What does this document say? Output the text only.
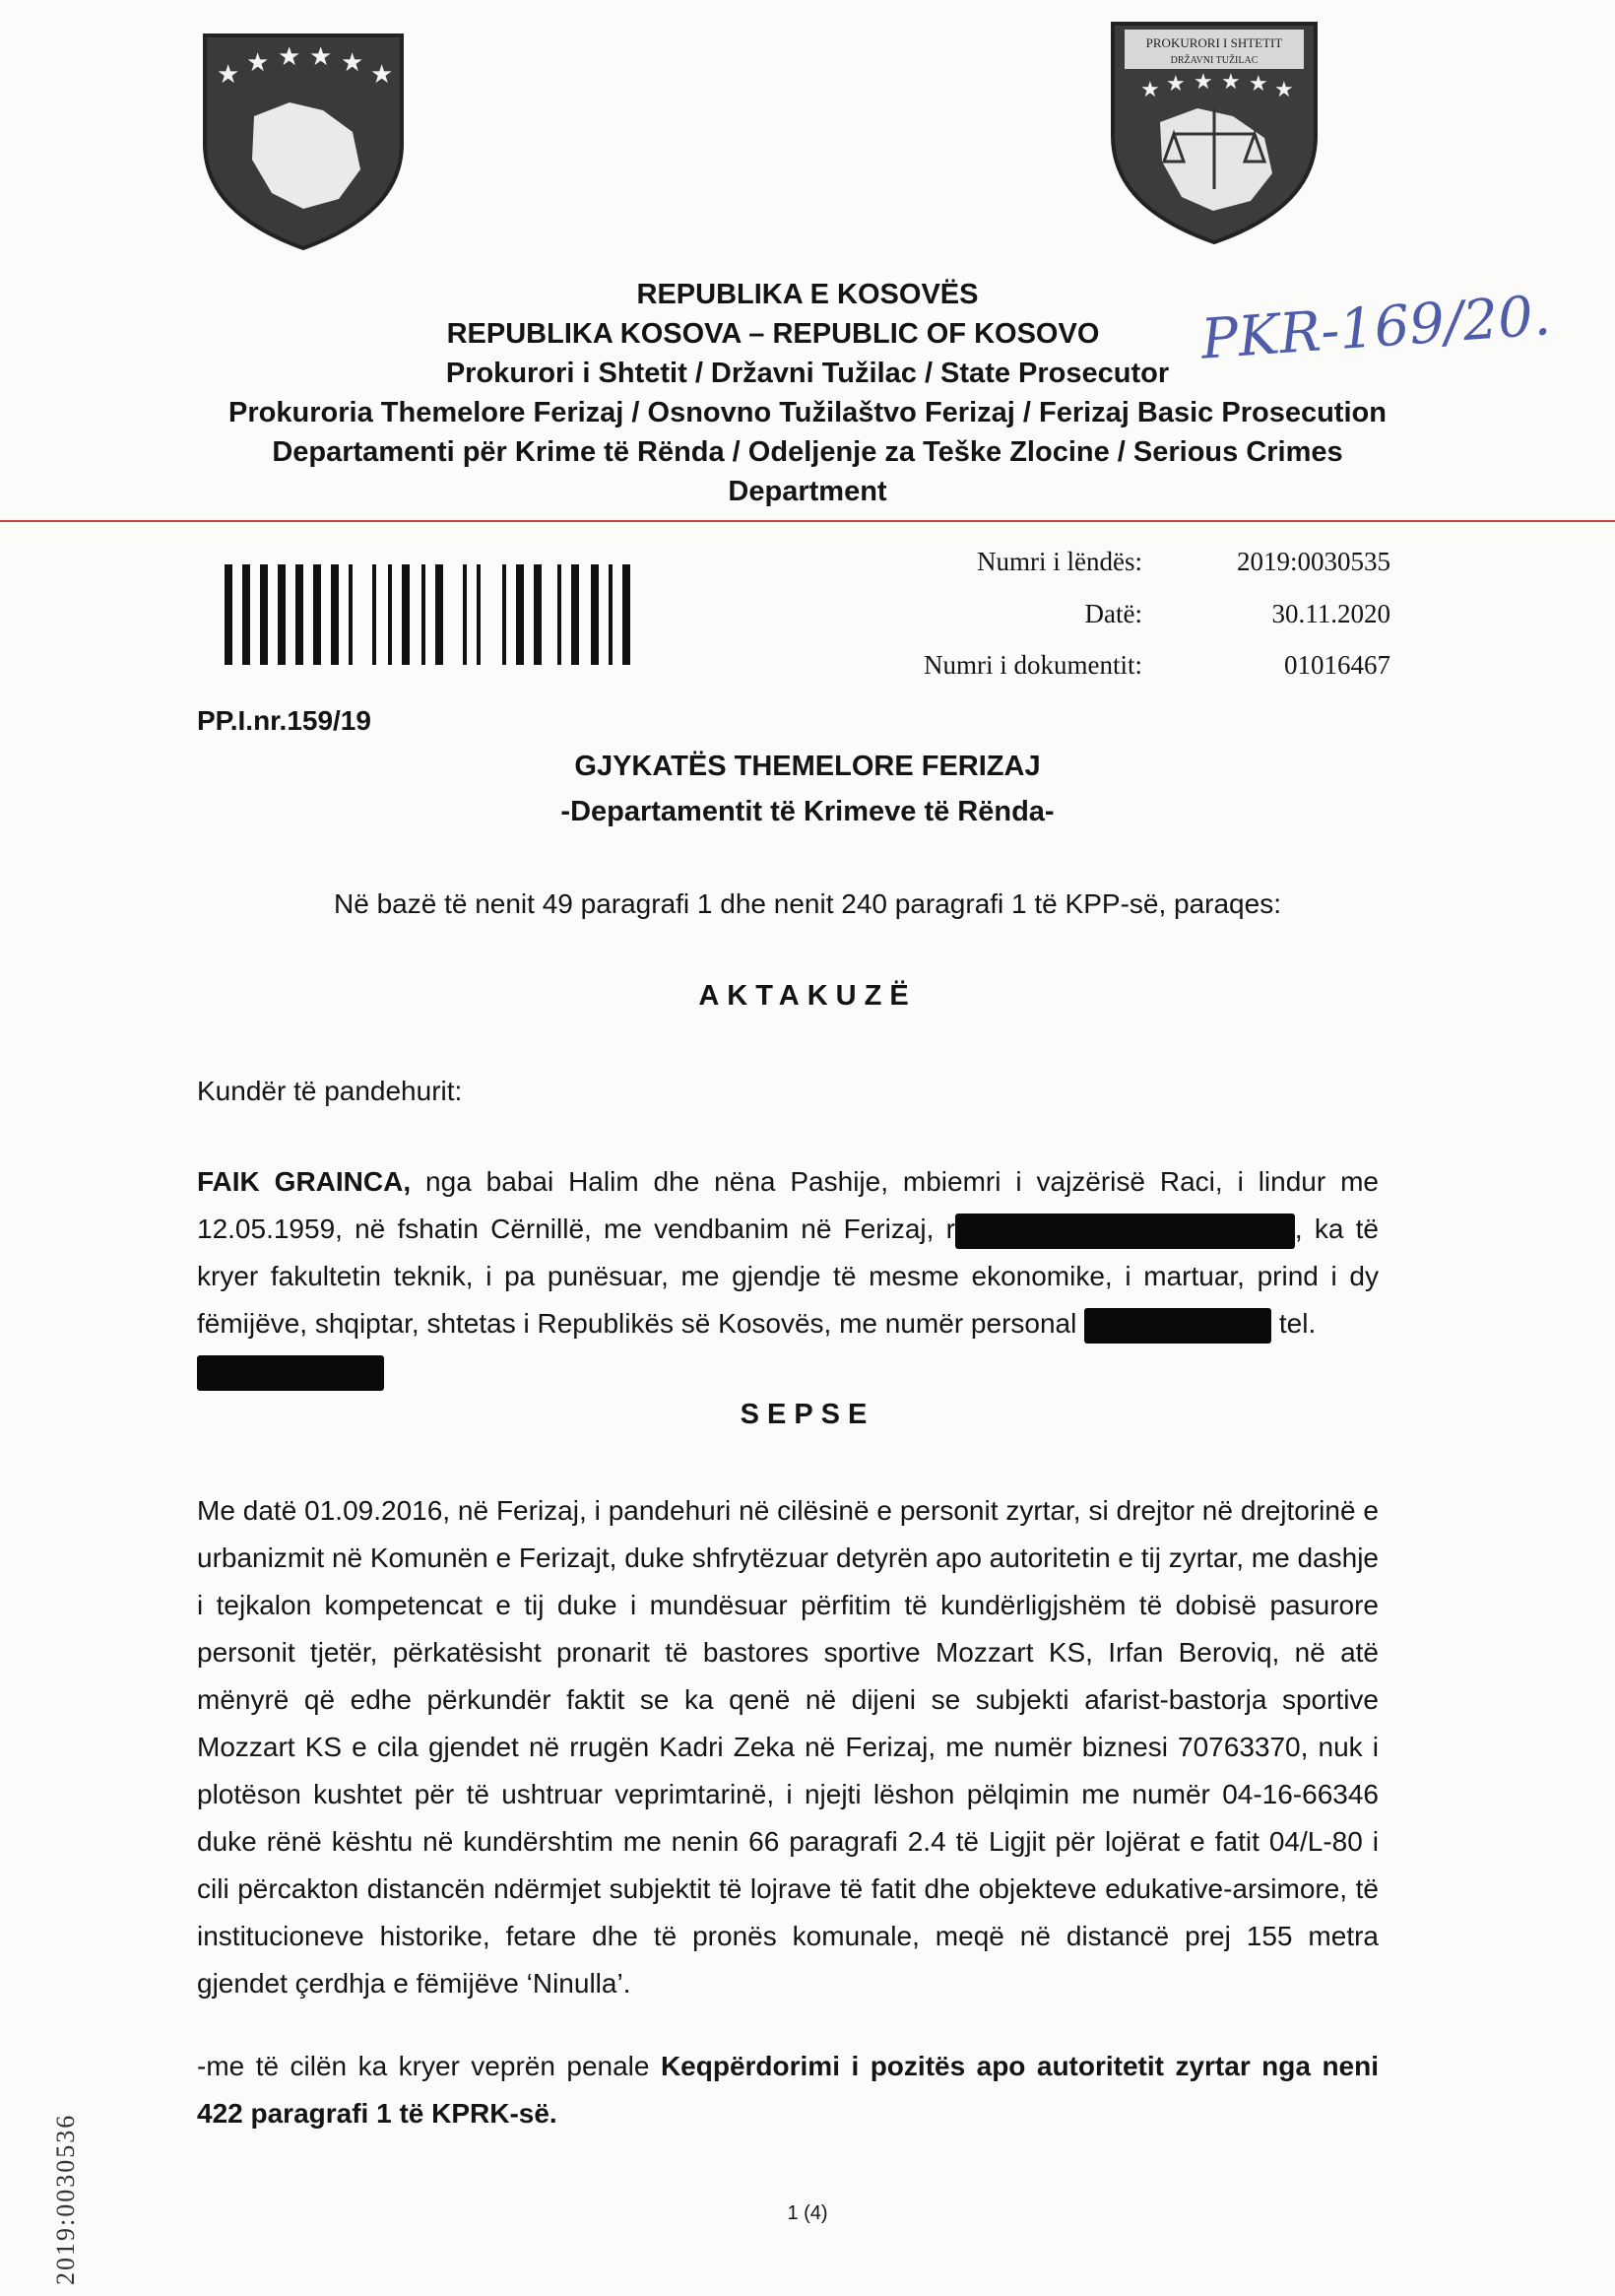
★ ★ ★ ★ ★ ★
PROKURORI I SHTETIT
DRŽAVNI TUŽILAC
★ ★ ★ ★ ★ ★
PKR-169/20.
REPUBLIKA E KOSOVËS
REPUBLIKA KOSOVA – REPUBLIC OF KOSOVO
Prokurori i Shtetit / Državni Tužilac / State Prosecutor
Prokuroria Themelore Ferizaj / Osnovno Tužilaštvo Ferizaj / Ferizaj Basic Prosecution
Departamenti për Krime të Rënda / Odeljenje za Teške Zlocine / Serious Crimes
Department
Numri i lëndës:	2019:0030535
Datë:	30.11.2020
Numri i dokumentit:	01016467
PP.I.nr.159/19
GJYKATËS THEMELORE FERIZAJ
-Departamentit të Krimeve të Rënda-
Në bazë të nenit 49 paragrafi 1 dhe nenit 240 paragrafi 1 të KPP-së, paraqes:
AKTAKUZË
Kundër të pandehurit:
FAIK GRAINCA, nga babai Halim dhe nëna Pashije, mbiemri i vajzërisë Raci, i lindur me 12.05.1959, në fshatin Cërnillë, me vendbanim në Ferizaj, r	, ka të kryer fakultetin teknik, i pa punësuar, me gjendje të mesme ekonomike, i martuar, prind i dy fëmijëve, shqiptar, shtetas i Republikës së Kosovës, me numër personal	tel.

SEPSE
Me datë 01.09.2016, në Ferizaj, i pandehuri në cilësinë e personit zyrtar, si drejtor në drejtorinë e urbanizmit në Komunën e Ferizajt, duke shfrytëzuar detyrën apo autoritetin e tij zyrtar, me dashje i tejkalon kompetencat e tij duke i mundësuar përfitim të kundërligjshëm të dobisë pasurore personit tjetër, përkatësisht pronarit të bastores sportive Mozzart KS, Irfan Beroviq, në atë mënyrë që edhe përkundër faktit se ka qenë në dijeni se subjekti afarist-bastorja sportive Mozzart KS e cila gjendet në rrugën Kadri Zeka në Ferizaj, me numër biznesi 70763370, nuk i plotëson kushtet për të ushtruar veprimtarinë, i njejti lëshon pëlqimin me numër 04-16-66346 duke rënë kështu në kundërshtim me nenin 66 paragrafi 2.4 të Ligjit për lojërat e fatit 04/L-80 i cili përcakton distancën ndërmjet subjektit të lojrave të fatit dhe objekteve edukative-arsimore, të institucioneve historike, fetare dhe të pronës komunale, meqë në distancë prej 155 metra gjendet çerdhja e fëmijëve ‘Ninulla’.
-me të cilën ka kryer veprën penale Keqpërdorimi i pozitës apo autoritetit zyrtar nga neni 422 paragrafi 1 të KPRK-së.
1 (4)
2019:0030536
